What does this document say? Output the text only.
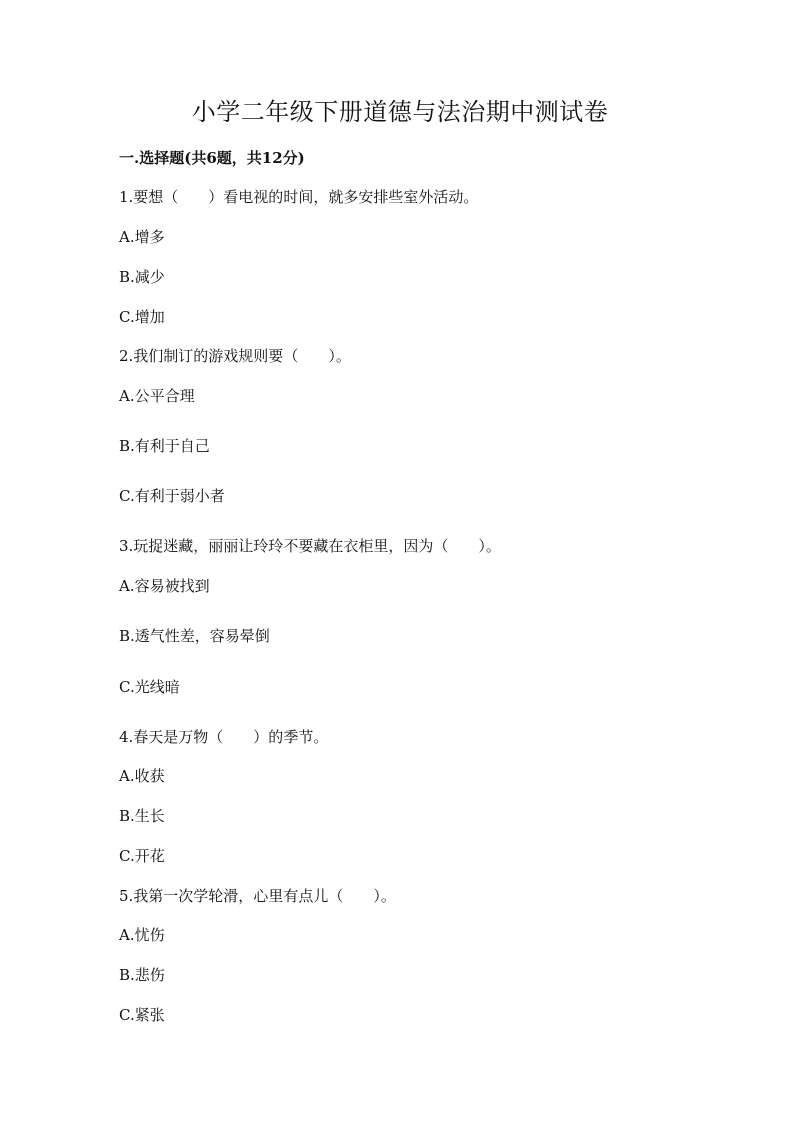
小学二年级下册道德与法治期中测试卷
一.选择题(共6题，共12分)
1.要想（　　）看电视的时间，就多安排些室外活动。
A.增多
B.减少
C.增加
2.我们制订的游戏规则要（　　）。
A.公平合理
B.有利于自己
C.有利于弱小者
3.玩捉迷藏，丽丽让玲玲不要藏在衣柜里，因为（　　）。
A.容易被找到
B.透气性差，容易晕倒
C.光线暗
4.春天是万物（　　）的季节。
A.收获
B.生长
C.开花
5.我第一次学轮滑，心里有点儿（　　）。
A.忧伤
B.悲伤
C.紧张
